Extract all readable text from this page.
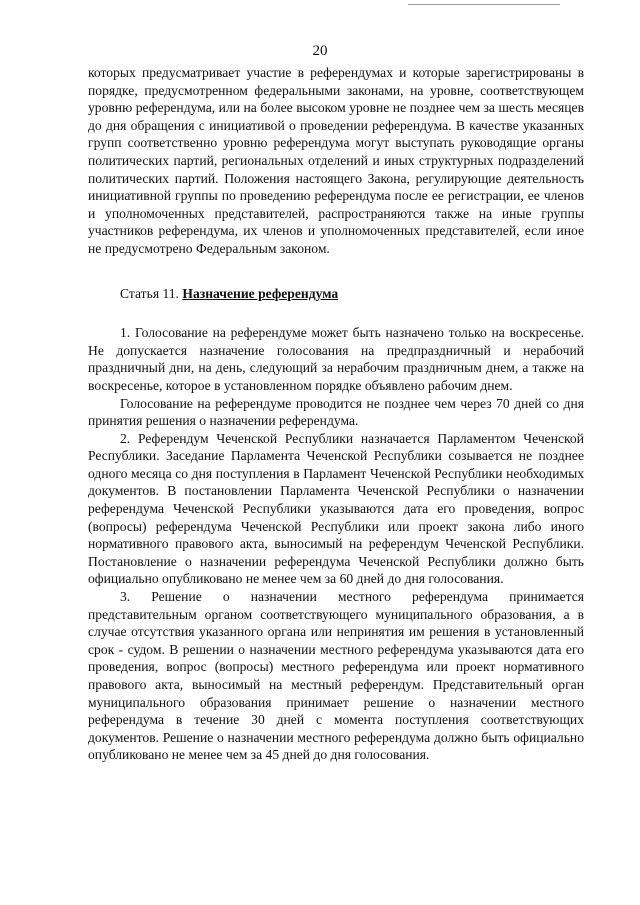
20

которых предусматривает участие в референдумах и которые зарегистрированы в порядке, предусмотренном федеральными законами, на уровне, соответствующем уровню референдума, или на более высоком уровне не позднее чем за шесть месяцев до дня обращения с инициативой о проведении референдума. В качестве указанных групп соответственно уровню референдума могут выступать руководящие органы политических партий, региональных отделений и иных структурных подразделений политических партий. Положения настоящего Закона, регулирующие деятельность инициативной группы по проведению референдума после ее регистрации, ее членов и уполномоченных представителей, распространяются также на иные группы участников референдума, их членов и уполномоченных представителей, если иное не предусмотрено Федеральным законом.

Статья 11. Назначение референдума

1. Голосование на референдуме может быть назначено только на воскресенье. Не допускается назначение голосования на предпраздничный и нерабочий праздничный дни, на день, следующий за нерабочим праздничным днем, а также на воскресенье, которое в установленном порядке объявлено рабочим днем.

Голосование на референдуме проводится не позднее чем через 70 дней со дня принятия решения о назначении референдума.

2. Референдум Чеченской Республики назначается Парламентом Чеченской Республики. Заседание Парламента Чеченской Республики созывается не позднее одного месяца со дня поступления в Парламент Чеченской Республики необходимых документов. В постановлении Парламента Чеченской Республики о назначении референдума Чеченской Республики указываются дата его проведения, вопрос (вопросы) референдума Чеченской Республики или проект закона либо иного нормативного правового акта, выносимый на референдум Чеченской Республики. Постановление о назначении референдума Чеченской Республики должно быть официально опубликовано не менее чем за 60 дней до дня голосования.

3. Решение о назначении местного референдума принимается представительным органом соответствующего муниципального образования, а в случае отсутствия указанного органа или непринятия им решения в установленный срок - судом. В решении о назначении местного референдума указываются дата его проведения, вопрос (вопросы) местного референдума или проект нормативного правового акта, выносимый на местный референдум. Представительный орган муниципального образования принимает решение о назначении местного референдума в течение 30 дней с момента поступления соответствующих документов. Решение о назначении местного референдума должно быть официально опубликовано не менее чем за 45 дней до дня голосования.
